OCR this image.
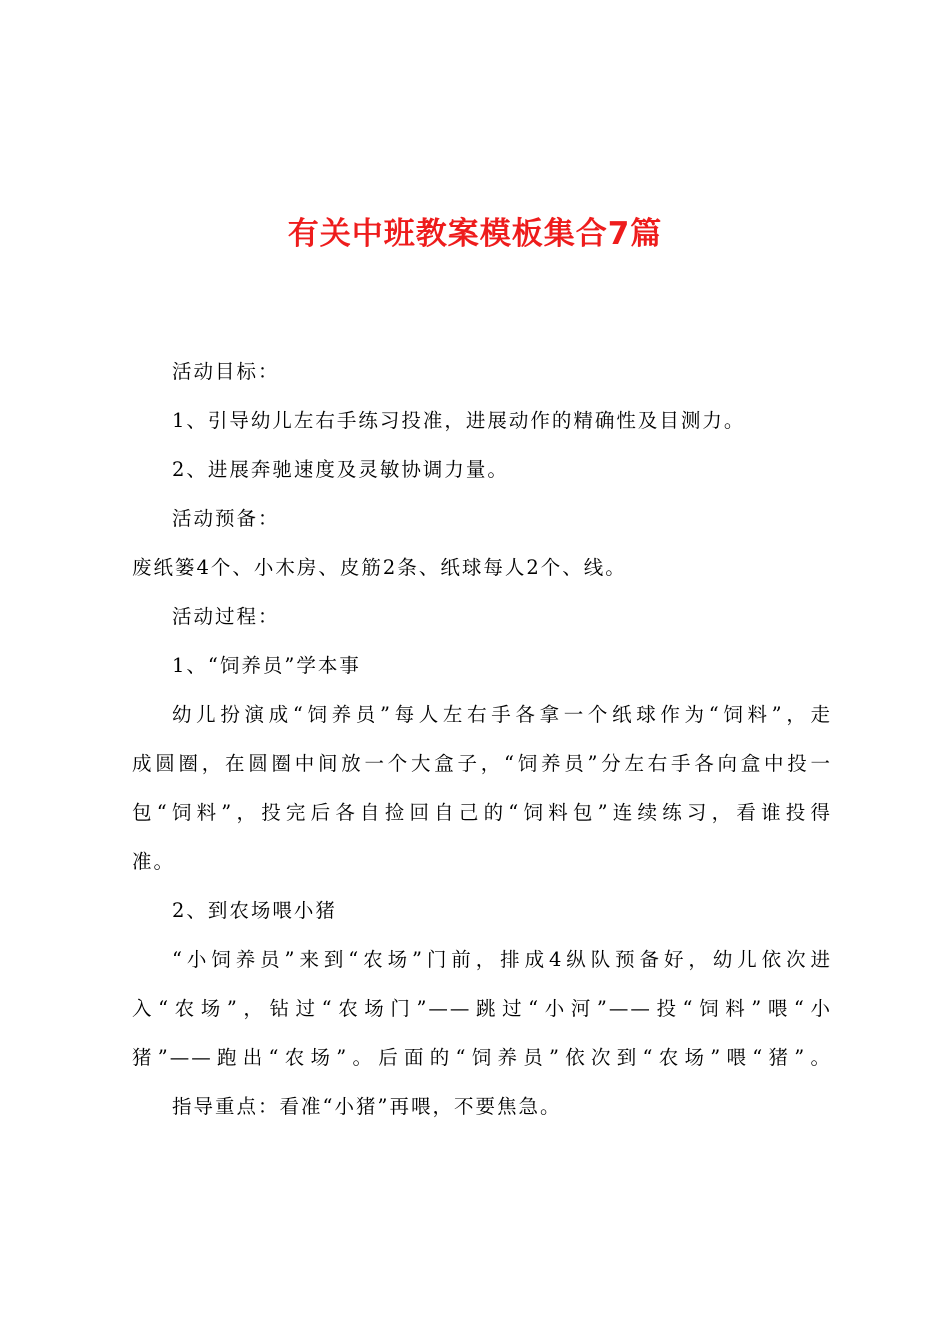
有关中班教案模板集合7篇

活动目标：

1、引导幼儿左右手练习投准，进展动作的精确性及目测力。

2、进展奔驰速度及灵敏协调力量。

活动预备：

废纸篓4个、小木房、皮筋2条、纸球每人2个、线。

活动过程：

1、“饲养员”学本事

幼儿扮演成“饲养员”每人左右手各拿一个纸球作为“饲料”，走
成圆圈，在圆圈中间放一个大盒子，“饲养员”分左右手各向盒中投一
包“饲料”，投完后各自捡回自己的“饲料包”连续练习，看谁投得
准。

2、到农场喂小猪

“小饲养员”来到“农场”门前，排成4纵队预备好，幼儿依次进
入“农场”，钻过“农场门”——跳过“小河”——投“饲料”喂“小
猪”——跑出“农场”。后面的“饲养员”依次到“农场”喂“猪”。

指导重点：看准“小猪”再喂，不要焦急。
